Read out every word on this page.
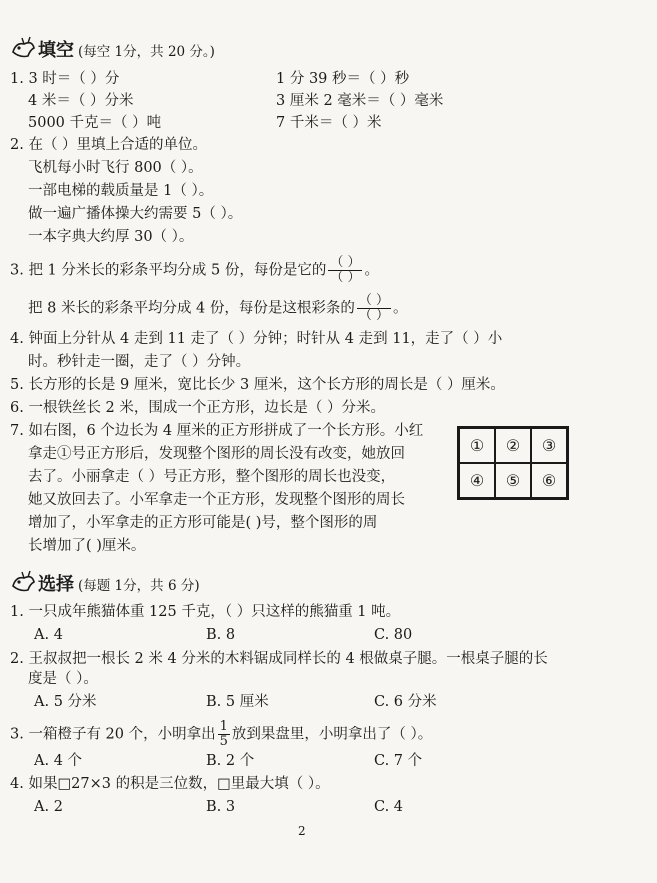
填空 (每空 1分，共 20 分。)
1. 3 时＝（ ）分	1 分 39 秒＝（ ）秒
4 米＝（ ）分米	3 厘米 2 毫米＝（ ）毫米
5000 千克＝（ ）吨	7 千米＝（ ）米
2. 在（ ）里填上合适的单位。
飞机每小时飞行 800（ ）。
一部电梯的载质量是 1（ ）。
做一遍广播体操大约需要 5（ ）。
一本字典大约厚 30（ ）。
3. 把 1 分米长的彩条平均分成 5 份，每份是它的 $\frac{( )}{( )}$ 。
把 8 米长的彩条平均分成 4 份，每份是这根彩条的 $\frac{( )}{( )}$ 。
4. 钟面上分针从 4 走到 11 走了（ ）分钟；时针从 4 走到 11，走了（ ）小
时。秒针走一圈，走了（ ）分钟。
5. 长方形的长是 9 厘米，宽比长少 3 厘米，这个长方形的周长是（ ）厘米。
6. 一根铁丝长 2 米，围成一个正方形，边长是（ ）分米。
7. 如右图，6 个边长为 4 厘米的正方形拼成了一个长方形。小红
拿走①号正方形后，发现整个图形的周长没有改变，她放回
去了。小丽拿走（ ）号正方形，整个图形的周长也没变，
她又放回去了。小军拿走一个正方形，发现整个图形的周长
增加了，小军拿走的正方形可能是( )号，整个图形的周
长增加了( )厘米。
①	②	③
④	⑤	⑥
选择 (每题 1分，共 6 分)
1. 一只成年熊猫体重 125 千克，（ ）只这样的熊猫重 1 吨。
A. 4	B. 8	C. 80
2. 王叔叔把一根长 2 米 4 分米的木料锯成同样长的 4 根做桌子腿。一根桌子腿的长
度是（ ）。
A. 5 分米	B. 5 厘米	C. 6 分米
3. 一箱橙子有 20 个，小明拿出 $\frac{1}{5}$ 放到果盘里，小明拿出了（ ）。
A. 4 个	B. 2 个	C. 7 个
4. 如果□27×3 的积是三位数，□里最大填（ ）。
A. 2	B. 3	C. 4
2
